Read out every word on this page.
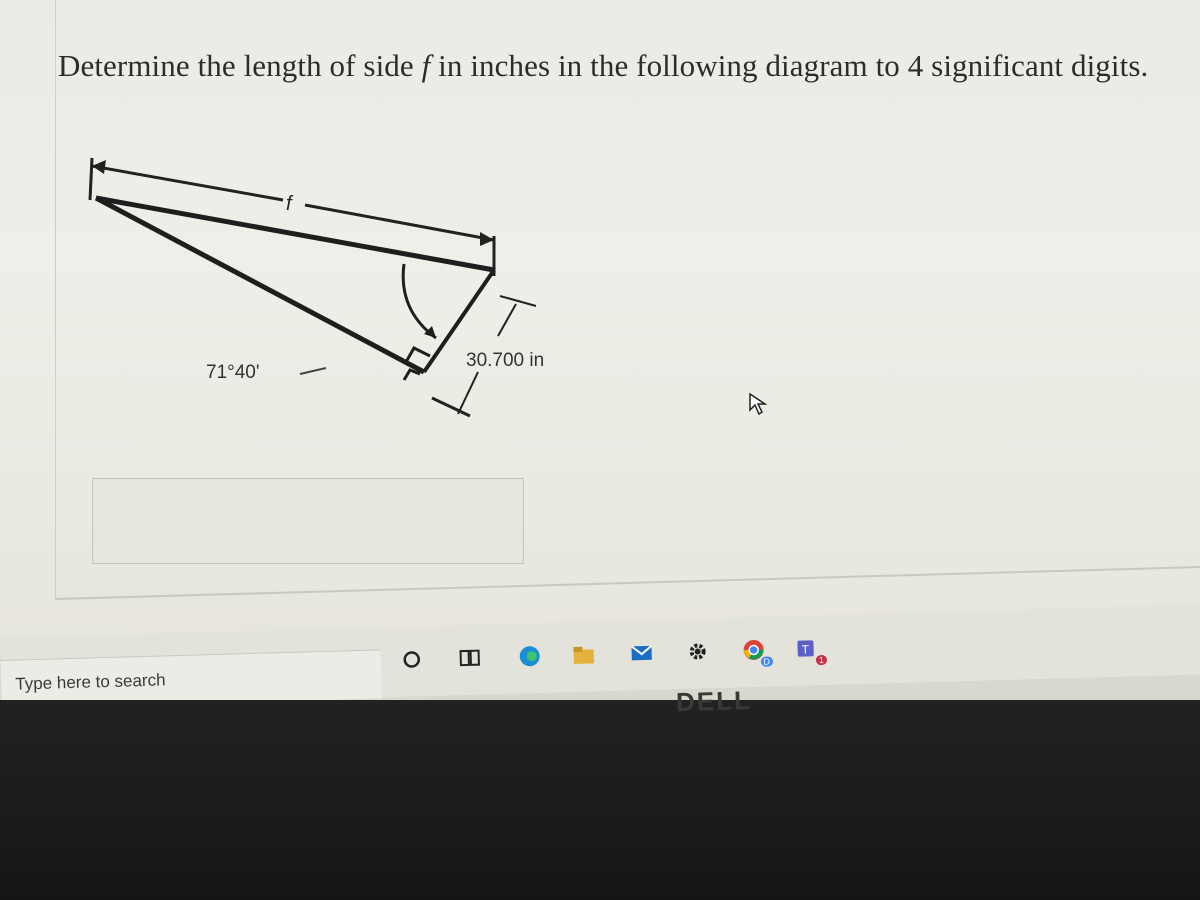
Determine the length of side f in inches in the following diagram to 4 significant digits.
f
71°40'
30.700 in
Type here to search
D
T
1
DELL
